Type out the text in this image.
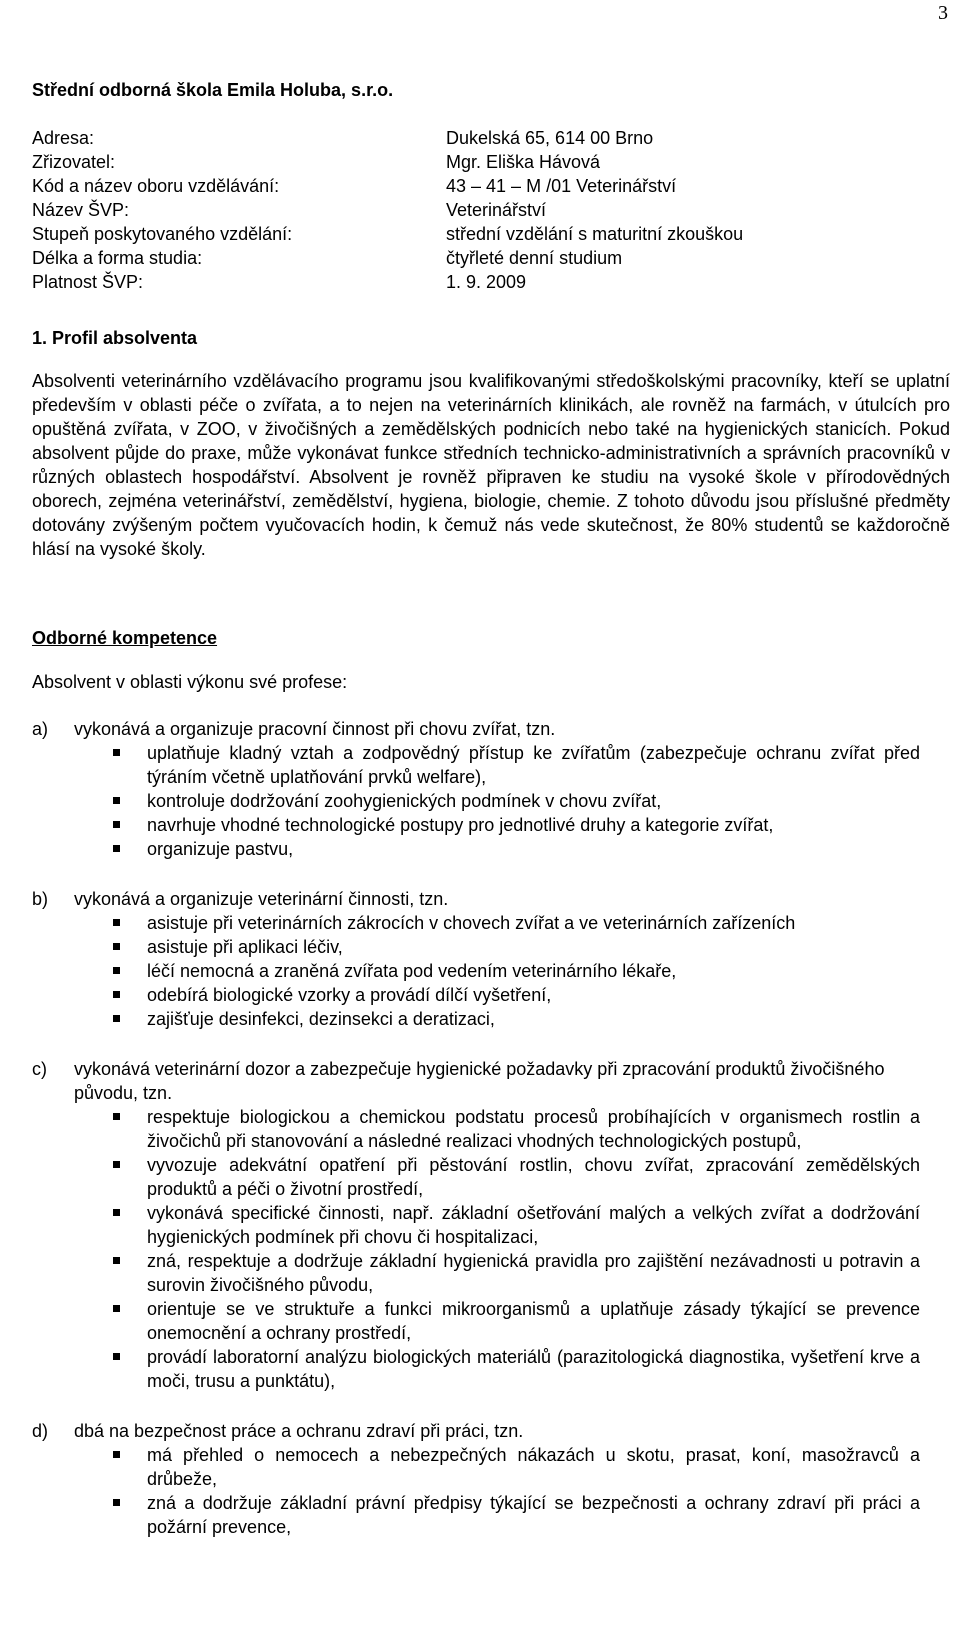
3

Střední odborná škola Emila Holuba, s.r.o.

Adresa:	Dukelská 65, 614 00 Brno
Zřizovatel:	Mgr. Eliška Hávová
Kód a název oboru vzdělávání:	43 – 41 – M /01 Veterinářství
Název ŠVP:	Veterinářství
Stupeň poskytovaného vzdělání:	střední vzdělání s maturitní zkouškou
Délka a forma studia:	čtyřleté denní studium
Platnost ŠVP:	1. 9. 2009
1. Profil absolventa

Absolventi veterinárního vzdělávacího programu jsou kvalifikovanými středoškolskými pracovníky, kteří se uplatní především v oblasti péče o zvířata, a to nejen na veterinárních klinikách, ale rovněž na farmách, v útulcích pro opuštěná zvířata, v ZOO, v živočišných a zemědělských podnicích nebo také na hygienických stanicích. Pokud absolvent půjde do praxe, může vykonávat funkce středních technicko-administrativních a správních pracovníků v různých oblastech hospodářství. Absolvent je rovněž připraven ke studiu na vysoké škole v přírodovědných oborech, zejména veterinářství, zemědělství, hygiena, biologie, chemie. Z tohoto důvodu jsou příslušné předměty dotovány zvýšeným počtem vyučovacích hodin, k čemuž nás vede skutečnost, že 80% studentů se každoročně hlásí na vysoké školy.

Odborné kompetence

Absolvent v oblasti výkonu své profese:

a)	vykonává a organizuje pracovní činnost při chovu zvířat, tzn.
uplatňuje kladný vztah a zodpovědný přístup ke zvířatům (zabezpečuje ochranu zvířat před týráním včetně uplatňování prvků welfare),
kontroluje dodržování zoohygienických podmínek v chovu zvířat,
navrhuje vhodné technologické postupy pro jednotlivé druhy a kategorie zvířat,
organizuje pastvu,
b)	vykonává a organizuje veterinární činnosti, tzn.
asistuje při veterinárních zákrocích v chovech zvířat a ve veterinárních zařízeních
asistuje při aplikaci léčiv,
léčí nemocná a zraněná zvířata pod vedením veterinárního lékaře,
odebírá biologické vzorky a provádí dílčí vyšetření,
zajišťuje desinfekci, dezinsekci a deratizaci,
c)	vykonává veterinární dozor a zabezpečuje hygienické požadavky při zpracování produktů živočišného původu, tzn.
respektuje biologickou a chemickou podstatu procesů probíhajících v organismech rostlin a živočichů při stanovování a následné realizaci vhodných technologických postupů,
vyvozuje adekvátní opatření při pěstování rostlin, chovu zvířat, zpracování zemědělských produktů a péči o životní prostředí,
vykonává specifické činnosti, např. základní ošetřování malých a velkých zvířat a dodržování hygienických podmínek při chovu či hospitalizaci,
zná, respektuje a dodržuje základní hygienická pravidla pro zajištění nezávadnosti u potravin a surovin živočišného původu,
orientuje se ve struktuře a funkci mikroorganismů a uplatňuje zásady týkající se prevence onemocnění a ochrany prostředí,
provádí laboratorní analýzu biologických materiálů (parazitologická diagnostika, vyšetření krve a moči, trusu a punktátu),
d)	dbá na bezpečnost práce a ochranu zdraví při práci, tzn.
má přehled o nemocech a nebezpečných nákazách u skotu, prasat, koní, masožravců a drůbeže,
zná a dodržuje základní právní předpisy týkající se bezpečnosti a ochrany zdraví při práci a požární prevence,
